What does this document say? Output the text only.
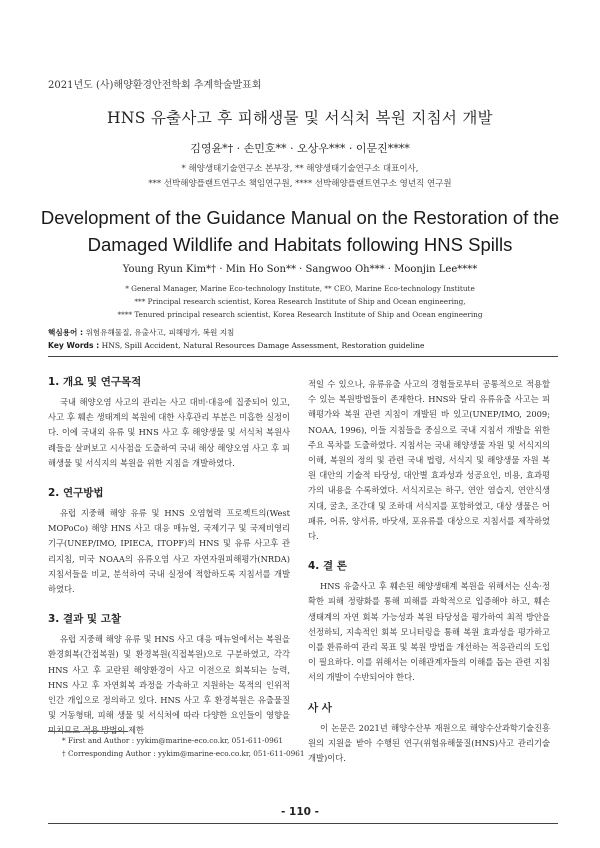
2021년도 (사)해양환경안전학회 추계학술발표회
HNS 유출사고 후 피해생물 및 서식처 복원 지침서 개발
김영윤*† · 손민호** · 오상우*** · 이문진****
* 해양생태기술연구소 본부장, ** 해양생태기술연구소 대표이사,
*** 선박해양플랜트연구소 책임연구원, **** 선박해양플랜트연구소 영년직 연구원
Development of the Guidance Manual on the Restoration of the Damaged Wildlife and Habitats following HNS Spills
Young Ryun Kim*† · Min Ho Son** · Sangwoo Oh*** · Moonjin Lee****
* General Manager, Marine Eco-technology Institute, ** CEO, Marine Eco-technology Institute
*** Principal research scientist, Korea Research Institute of Ship and Ocean engineering,
**** Tenured principal research scientist, Korea Research Institute of Ship and Ocean engineering
핵심용어 : 위험유해물질, 유출사고, 피해평가, 복원 지침
Key Words : HNS, Spill Accident, Natural Resources Damage Assessment, Restoration guideline
1. 개요 및 연구목적

국내 해양오염 사고의 관리는 사고 대비·대응에 집중되어 있고, 사고 후 훼손 생태계의 복원에 대한 사후관리 부분은 미흡한 실정이다. 이에 국내외 유류 및 HNS 사고 후 해양생물 및 서식처 복원사례들을 살펴보고 시사점을 도출하여 국내 해상 해양오염 사고 후 피해생물 및 서식지의 복원을 위한 지침을 개발하였다.

2. 연구방법

유럽 지중해 해양 유류 및 HNS 오염협력 프로젝트의(West MOPoCo) 해양 HNS 사고 대응 매뉴얼, 국제기구 및 국제비영리기구(UNEP/IMO, IPIECA, ITOPF)의 HNS 및 유류 사고후 관리지침, 미국 NOAA의 유류오염 사고 자연자원피해평가(NRDA) 지침서들을 비교, 분석하여 국내 실정에 적합하도록 지침서를 개발하였다.

3. 결과 및 고찰

유럽 지중해 해양 유류 및 HNS 사고 대응 매뉴얼에서는 복원을 환경회복(간접복원) 및 환경복원(직접복원)으로 구분하였고, 각각 HNS 사고 후 교란된 해양환경이 사고 이전으로 회복되는 능력, HNS 사고 후 자연회복 과정을 가속하고 지원하는 목적의 인위적 인간 개입으로 정의하고 있다. HNS 사고 후 환경복원은 유출물질 및 거동형태, 피해 생물 및 서식처에 따라 다양한 요인들이 영향을 미치므로 적용 방법이 제한

적일 수 있으나, 유류유출 사고의 경험들로부터 공통적으로 적용할 수 있는 복원방법들이 존재한다. HNS와 달리 유류유출 사고는 피해평가와 복원 관련 지침이 개발된 바 있고(UNEP/IMO, 2009; NOAA, 1996), 이들 지침들을 중심으로 국내 지침서 개발을 위한 주요 목차를 도출하였다. 지침서는 국내 해양생물 자원 및 서식지의 이해, 복원의 정의 및 관련 국내 법령, 서식지 및 해양생물 자원 복원 대안의 기술적 타당성, 대안별 효과성과 성공요인, 비용, 효과평가의 내용을 수록하였다. 서식지로는 하구, 연안 염습지, 연안식생지대, 굴초, 조간대 및 조하대 서식지를 포함하였고, 대상 생물은 어패류, 어류, 양서류, 바닷새, 포유류를 대상으로 지침서를 제작하였다.

4. 결 론

HNS 유출사고 후 훼손된 해양생태계 복원을 위해서는 신속·정확한 피해 정량화를 통해 피해를 과학적으로 입증해야 하고, 훼손 생태계의 자연 회복 가능성과 복원 타당성을 평가하여 최적 방안을 선정하되, 지속적인 회복 모니터링을 통해 복원 효과성을 평가하고 이를 환류하여 관리 목표 및 복원 방법을 개선하는 적응관리의 도입이 필요하다. 이를 위해서는 이해관계자들의 이해를 돕는 관련 지침서의 개발이 수반되어야 한다.

사 사

이 논문은 2021년 해양수산부 재원으로 해양수산과학기술진흥원의 지원을 받아 수행된 연구(위험유해물질(HNS)사고 관리기술 개발)이다.

* First and Author : yykim@marine-eco.co.kr, 051-611-0961
† Corresponding Author : yykim@marine-eco.co.kr, 051-611-0961
- 110 -
